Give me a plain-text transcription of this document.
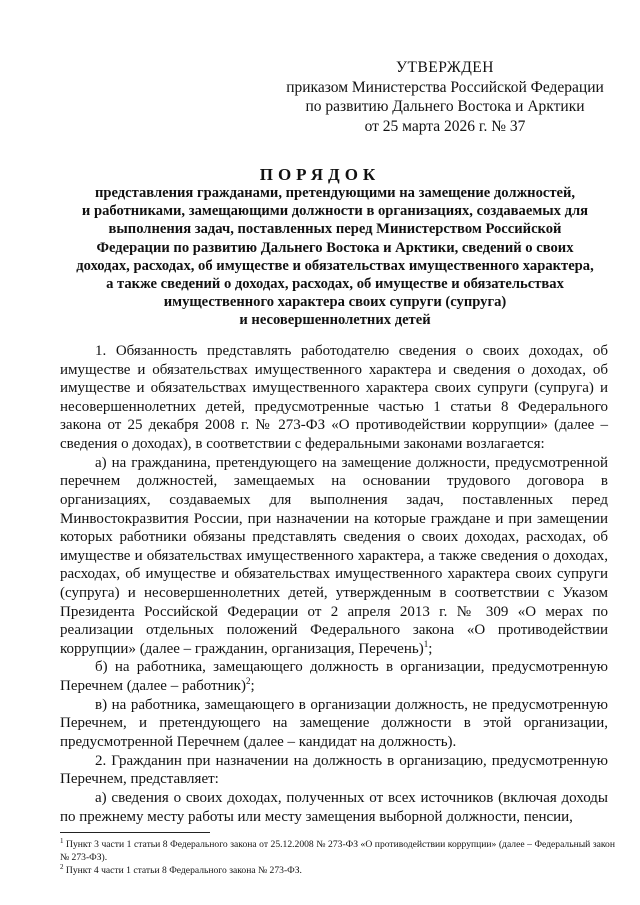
УТВЕРЖДЕН
приказом Министерства Российской Федерации
по развитию Дальнего Востока и Арктики
от 25 марта 2026 г. № 37
ПОРЯДОК
представления гражданами, претендующими на замещение должностей,
и работниками, замещающими должности в организациях, создаваемых для
выполнения задач, поставленных перед Министерством Российской
Федерации по развитию Дальнего Востока и Арктики, сведений о своих
доходах, расходах, об имуществе и обязательствах имущественного характера,
а также сведений о доходах, расходах, об имуществе и обязательствах
имущественного характера своих супруги (супруга)
и несовершеннолетних детей

1. Обязанность представлять работодателю сведения о своих доходах, об имуществе и обязательствах имущественного характера и сведения о доходах, об имуществе и обязательствах имущественного характера своих супруги (супруга) и несовершеннолетних детей, предусмотренные частью 1 статьи 8 Федерального закона от 25 декабря 2008 г. № 273-ФЗ «О противодействии коррупции» (далее – сведения о доходах), в соответствии с федеральными законами возлагается:

а) на гражданина, претендующего на замещение должности, предусмотренной перечнем должностей, замещаемых на основании трудового договора в организациях, создаваемых для выполнения задач, поставленных перед Минвостокразвития России, при назначении на которые граждане и при замещении которых работники обязаны представлять сведения о своих доходах, расходах, об имуществе и обязательствах имущественного характера, а также сведения о доходах, расходах, об имуществе и обязательствах имущественного характера своих супруги (супруга) и несовершеннолетних детей, утвержденным в соответствии с Указом Президента Российской Федерации от 2 апреля 2013 г. № 309 «О мерах по реализации отдельных положений Федерального закона «О противодействии коррупции» (далее – гражданин, организация, Перечень)$^1$;

б) на работника, замещающего должность в организации, предусмотренную Перечнем (далее – работник)$^2$;

в) на работника, замещающего в организации должность, не предусмотренную Перечнем, и претендующего на замещение должности в этой организации, предусмотренной Перечнем (далее – кандидат на должность).

2. Гражданин при назначении на должность в организацию, предусмотренную Перечнем, представляет:

а) сведения о своих доходах, полученных от всех источников (включая доходы по прежнему месту работы или месту замещения выборной должности, пенсии,

$^1$ Пункт 3 части 1 статьи 8 Федерального закона от 25.12.2008 № 273-ФЗ «О противодействии коррупции» (далее – Федеральный закон № 273-ФЗ).

$^2$ Пункт 4 части 1 статьи 8 Федерального закона № 273-ФЗ.
